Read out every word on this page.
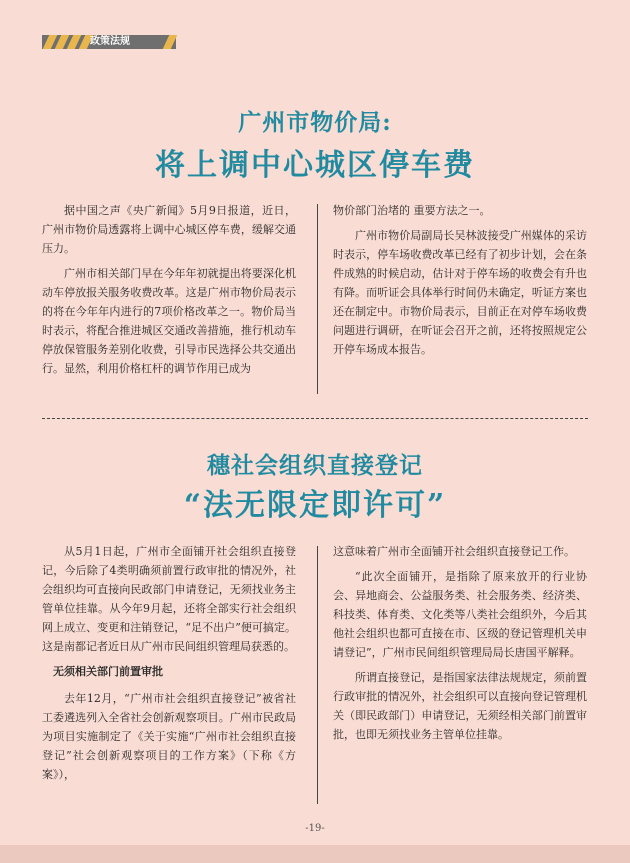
政策法规
广州市物价局:
将上调中心城区停车费

据中国之声《央广新闻》5月9日报道，近日，广州市物价局透露将上调中心城区停车费，缓解交通压力。

广州市相关部门早在今年年初就提出将要深化机动车停放报关服务收费改革。这是广州市物价局表示的将在今年年内进行的7项价格改革之一。物价局当时表示，将配合推进城区交通改善措施，推行机动车停放保管服务差别化收费，引导市民选择公共交通出行。显然，利用价格杠杆的调节作用已成为

物价部门治堵的 重要方法之一。

广州市物价局副局长吴林波接受广州媒体的采访时表示，停车场收费改革已经有了初步计划，会在条件成熟的时候启动，估计对于停车场的收费会有升也 有降。而听证会具体举行时间仍未确定，听证方案也还在制定中。市物价局表示，目前正在对停车场收费问题进行调研，在听证会召开之前，还将按照规定公开停车场成本报告。

穗社会组织直接登记
“法无限定即许可”

从5月1日起，广州市全面铺开社会组织直接登记，今后除了4类明确须前置行政审批的情况外，社会组织均可直接向民政部门申请登记，无须找业务主管单位挂靠。从今年9月起，还将全部实行社会组织网上成立、变更和注销登记，“足不出户”便可搞定。这是南都记者近日从广州市民间组织管理局获悉的。

无须相关部门前置审批

去年12月，“广州市社会组织直接登记”被省社工委遴选列入全省社会创新观察项目。广州市民政局为项目实施制定了《关于实施“广州市社会组织直接登记”社会创新观察项目的工作方案》（下称《方案》），

这意味着广州市全面铺开社会组织直接登记工作。

“此次全面铺开，是指除了原来放开的行业协会、异地商会、公益服务类、社会服务类、经济类、科技类、体育类、文化类等八类社会组织外，今后其他社会组织也都可直接在市、区级的登记管理机关申请登记”，广州市民间组织管理局局长唐国平解释。

所谓直接登记，是指国家法律法规规定，须前置行政审批的情况外，社会组织可以直接向登记管理机关（即民政部门）申请登记，无须经相关部门前置审批，也即无须找业务主管单位挂靠。

-19-
